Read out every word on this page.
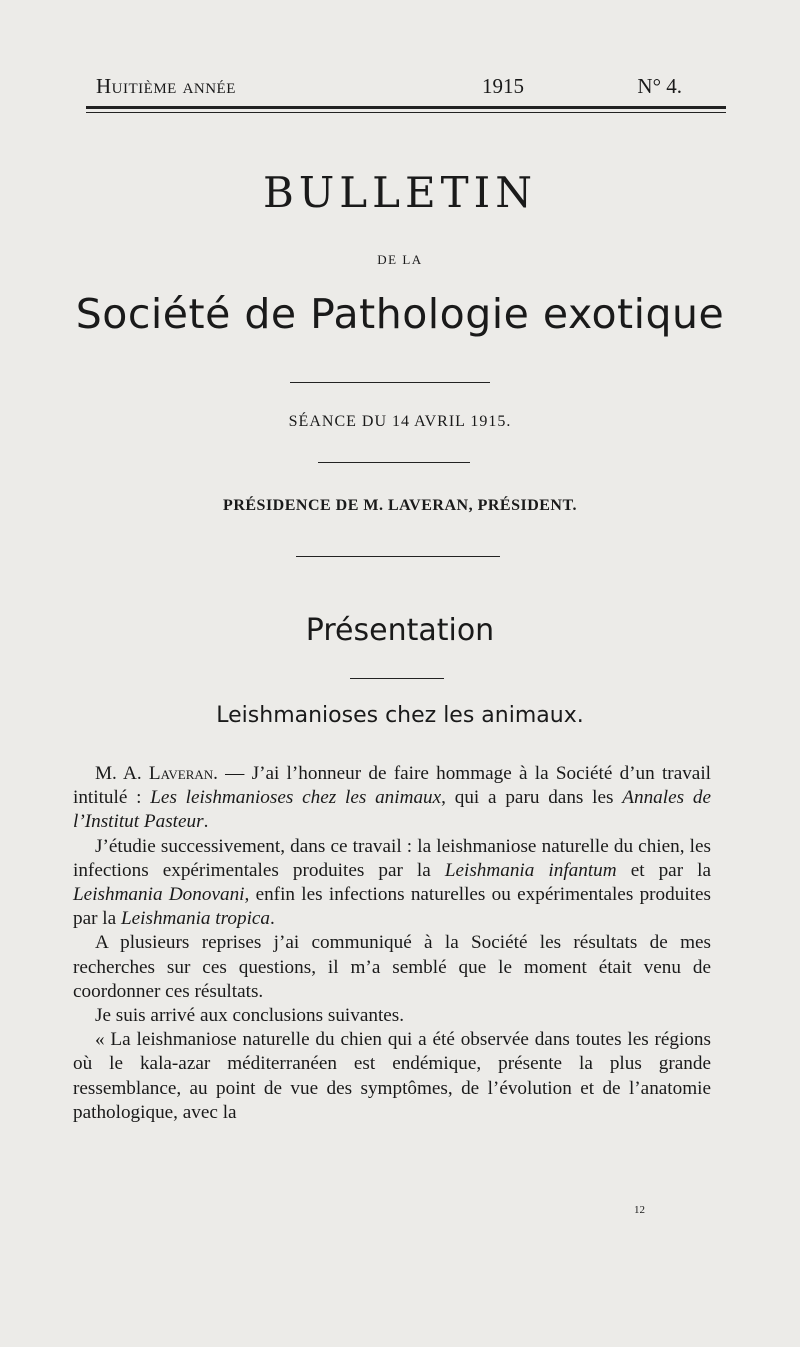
Huitième année	1915	N° 4.
BULLETIN
DE LA
Société de Pathologie exotique
SÉANCE DU 14 AVRIL 1915.
PRÉSIDENCE DE M. LAVERAN, PRÉSIDENT.
Présentation
Leishmanioses chez les animaux.

M. A. Laveran. — J’ai l’honneur de faire hommage à la Société d’un travail intitulé : Les leishmanioses chez les animaux, qui a paru dans les Annales de l’Institut Pasteur.

J’étudie successivement, dans ce travail : la leishmaniose naturelle du chien, les infections expérimentales produites par la Leishmania infantum et par la Leishmania Donovani, enfin les infections naturelles ou expérimentales produites par la Leishmania tropica.

A plusieurs reprises j’ai communiqué à la Société les résultats de mes recherches sur ces questions, il m’a semblé que le moment était venu de coordonner ces résultats.

Je suis arrivé aux conclusions suivantes.

« La leishmaniose naturelle du chien qui a été observée dans toutes les régions où le kala-azar méditerranéen est endémique, présente la plus grande ressemblance, au point de vue des symptômes, de l’évolution et de l’anatomie pathologique, avec la

12
